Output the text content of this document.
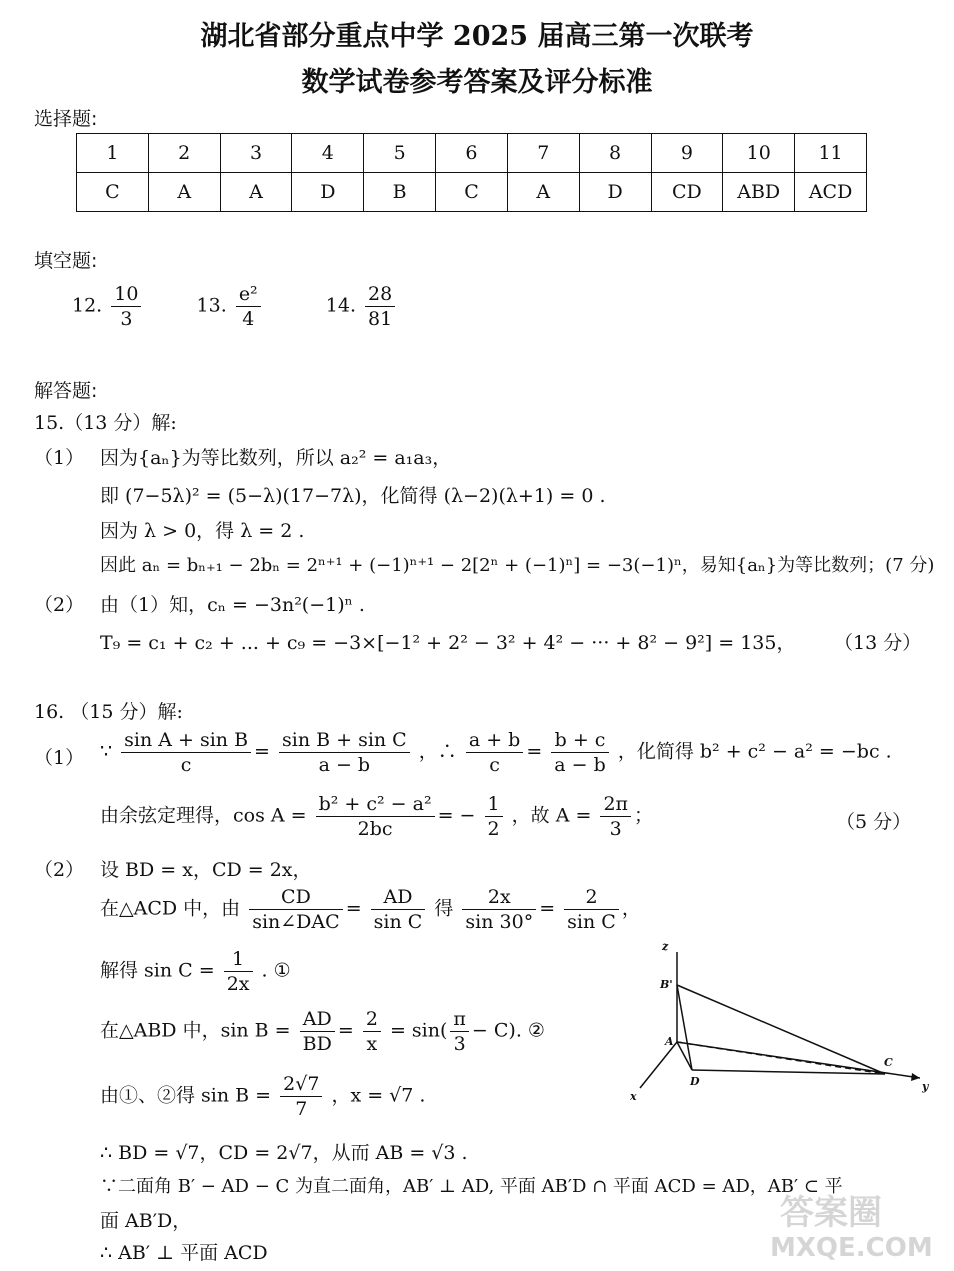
湖北省部分重点中学 2025 届高三第一次联考
数学试卷参考答案及评分标准
选择题:
1	2	3	4	5	6	7	8	9	10	11
C	A	A	D	B	C	A	D	CD	ABD	ACD
填空题:
12. $\frac{10}{3}$	13. $\frac{\text{e²}}{4}$	14. $\frac{28}{81}$
解答题:
15.（13 分）解:
（1） 因为{aₙ}为等比数列，所以 a₂² = a₁a₃，
即 (7−5λ)² = (5−λ)(17−7λ)，化简得 (λ−2)(λ+1) = 0 .
因为 λ > 0，得 λ = 2 .
因此 aₙ = bₙ₊₁ − 2bₙ = 2ⁿ⁺¹ + (−1)ⁿ⁺¹ − 2[2ⁿ + (−1)ⁿ] = −3(−1)ⁿ，易知{aₙ}为等比数列；(7 分)
（2） 由（1）知，cₙ = −3n²(−1)ⁿ .
T₉ = c₁ + c₂ + ... + c₉ = −3×[−1² + 2² − 3² + 4² − ··· + 8² − 9²] = 135， （13 分）
16. （15 分）解:
（1） ∵ $\frac{\text{sin A + sin B}}{c} = \frac{\text{sin B + sin C}}{a - b}$ ，∴ $\frac{a + b}{c} = \frac{b + c}{a - b}$ ，化简得 b² + c² − a² = −bc .
由余弦定理得，$\cos A = \frac{\text{b² + c² − a²}}{2bc}$ = − $\frac{1}{2}$ ，故 $A = \frac{2\pi}{3}$ ；	（5 分）
（2） 设 BD = x，CD = 2x，
在△ACD 中，由 $\frac{CD}{\text{sin∠DAC}} = \frac{AD}{\text{sin C}}$ 得 $\frac{2x}{\sin 30^\circ} = \frac{2}{\text{sin C}}$ ，
解得 $\sin C = \frac{1}{2x}$ . ①
在△ABD 中，$\sin B = \frac{AD}{BD} = \frac{2}{x} = \sin( \frac{\pi}{3} - C)$. ②
由①、②得 $\sin B = \frac{2√7}{7}$ ，x = √7 .
∴ BD = √7，CD = 2√7，从而 AB = √3 .
∵二面角 B′ − AD − C 为直二面角，AB′ ⊥ AD, 平面 AB′D ∩ 平面 ACD = AD，AB′ ⊂ 平
面 AB′D，
∴ AB′ ⊥ 平面 ACD
z
B'
A
D
C
x
y
答案圈
MXQE.COM
